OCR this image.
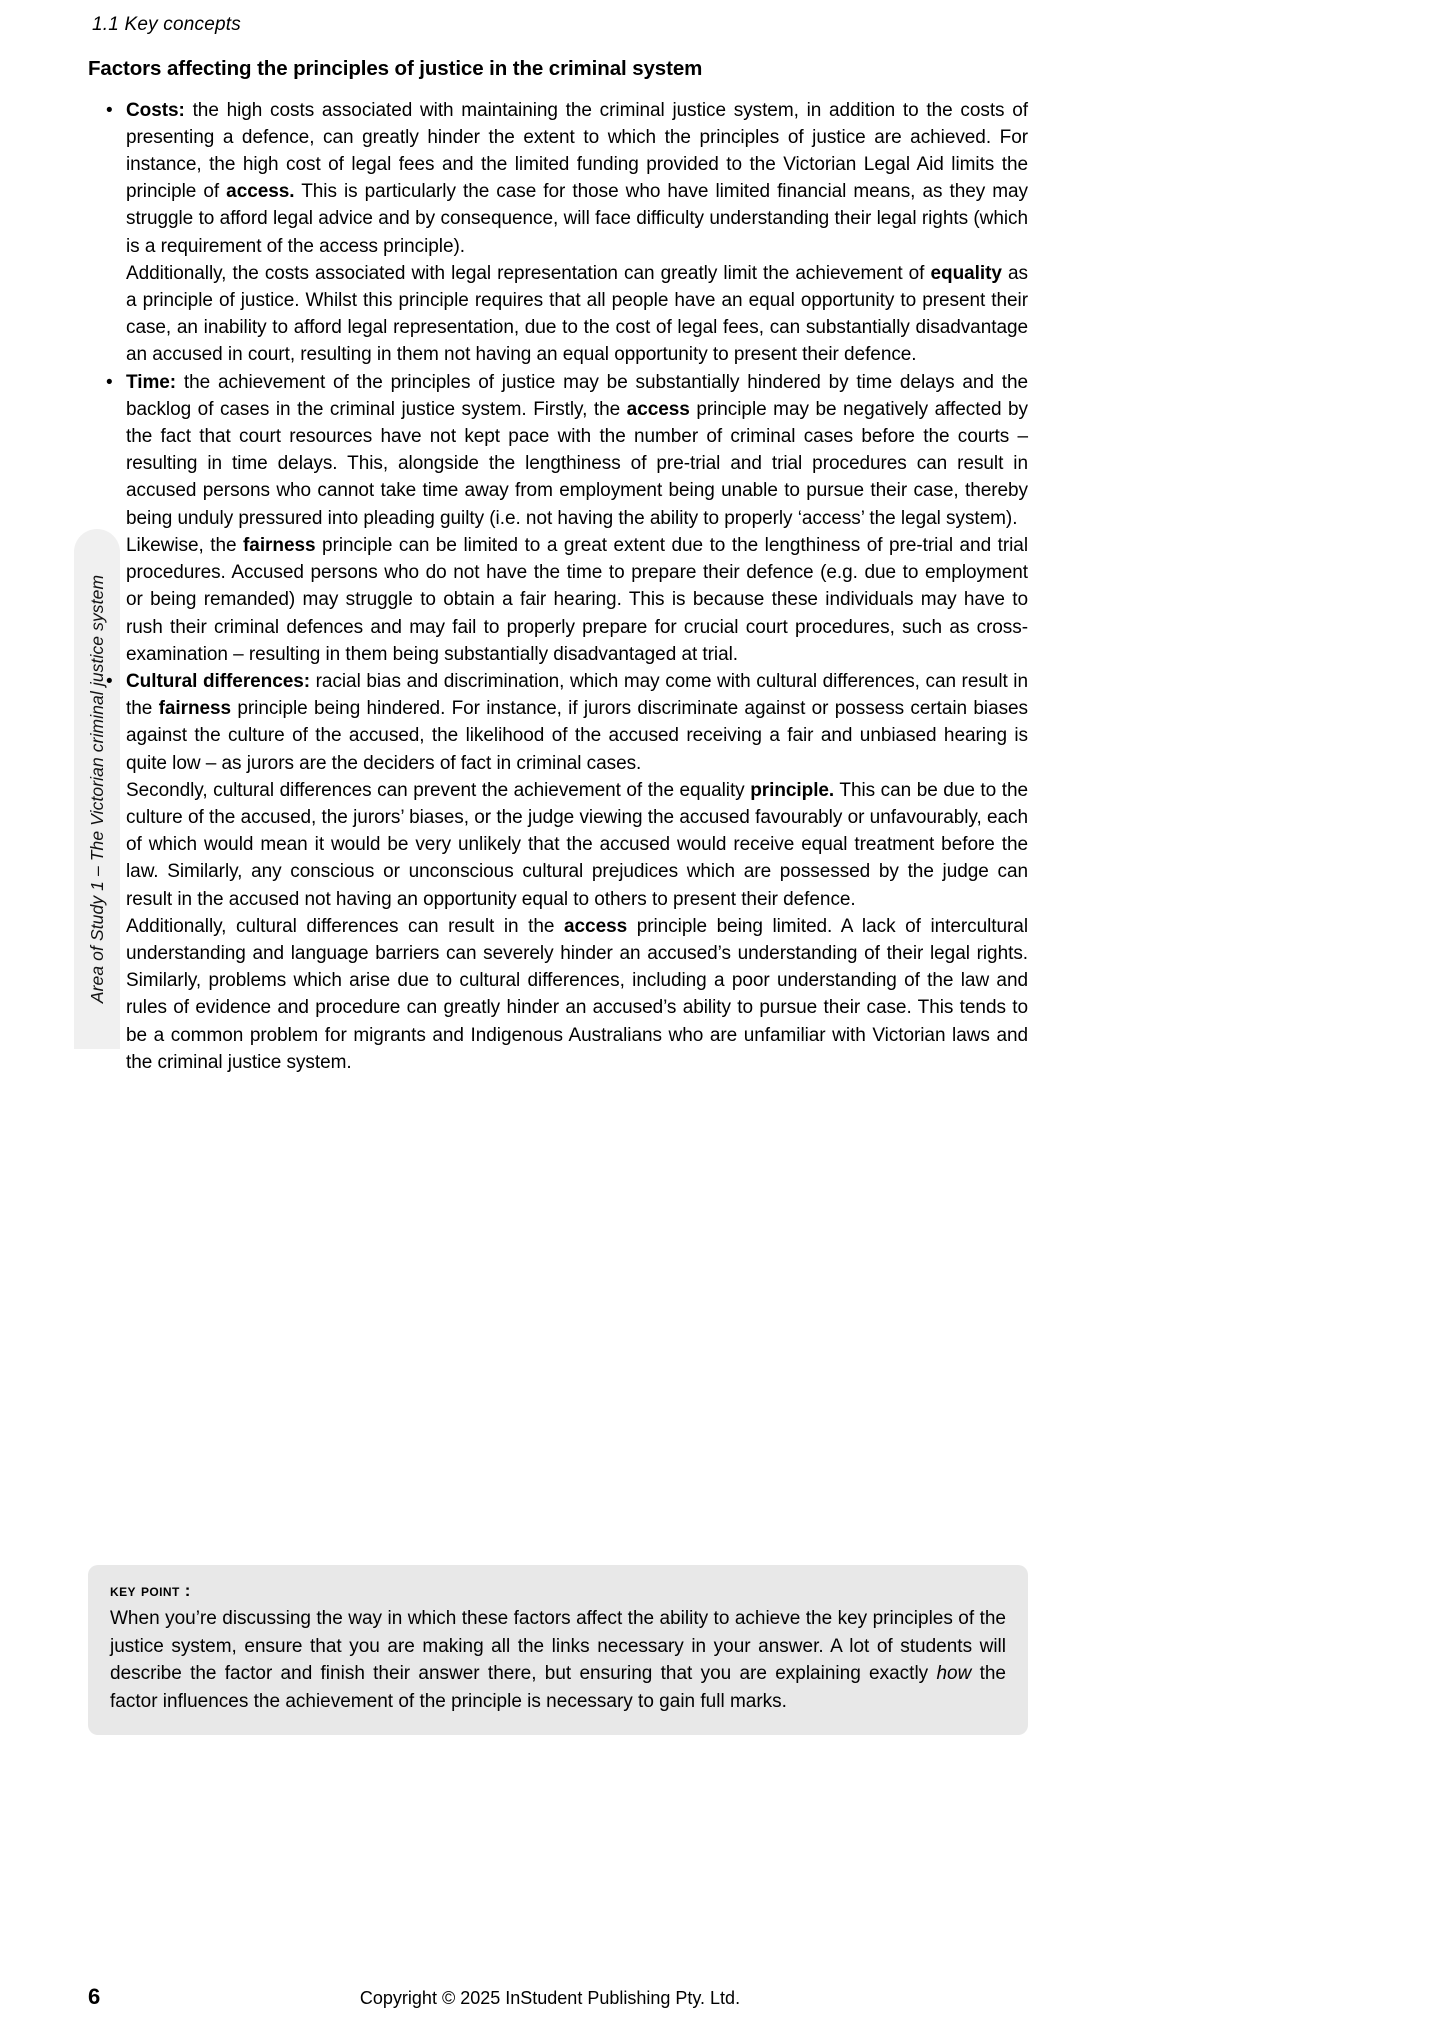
1.1 Key concepts
Area of Study 1 – The Victorian criminal justice system
Factors affecting the principles of justice in the criminal system

• Costs: the high costs associated with maintaining the criminal justice system, in addition to the costs of presenting a defence, can greatly hinder the extent to which the principles of justice are achieved. For instance, the high cost of legal fees and the limited funding provided to the Victorian Legal Aid limits the principle of access. This is particularly the case for those who have limited financial means, as they may struggle to afford legal advice and by consequence, will face difficulty understanding their legal rights (which is a requirement of the access principle).

Additionally, the costs associated with legal representation can greatly limit the achievement of equality as a principle of justice. Whilst this principle requires that all people have an equal opportunity to present their case, an inability to afford legal representation, due to the cost of legal fees, can substantially disadvantage an accused in court, resulting in them not having an equal opportunity to present their defence.

• Time: the achievement of the principles of justice may be substantially hindered by time delays and the backlog of cases in the criminal justice system. Firstly, the access principle may be negatively affected by the fact that court resources have not kept pace with the number of criminal cases before the courts – resulting in time delays. This, alongside the lengthiness of pre-trial and trial procedures can result in accused persons who cannot take time away from employment being unable to pursue their case, thereby being unduly pressured into pleading guilty (i.e. not having the ability to properly ‘access’ the legal system).

Likewise, the fairness principle can be limited to a great extent due to the lengthiness of pre-trial and trial procedures. Accused persons who do not have the time to prepare their defence (e.g. due to employment or being remanded) may struggle to obtain a fair hearing. This is because these individuals may have to rush their criminal defences and may fail to properly prepare for crucial court procedures, such as cross-examination – resulting in them being substantially disadvantaged at trial.

• Cultural differences: racial bias and discrimination, which may come with cultural differences, can result in the fairness principle being hindered. For instance, if jurors discriminate against or possess certain biases against the culture of the accused, the likelihood of the accused receiving a fair and unbiased hearing is quite low – as jurors are the deciders of fact in criminal cases.

Secondly, cultural differences can prevent the achievement of the equality principle. This can be due to the culture of the accused, the jurors’ biases, or the judge viewing the accused favourably or unfavourably, each of which would mean it would be very unlikely that the accused would receive equal treatment before the law. Similarly, any conscious or unconscious cultural prejudices which are possessed by the judge can result in the accused not having an opportunity equal to others to present their defence.

Additionally, cultural differences can result in the access principle being limited. A lack of intercultural understanding and language barriers can severely hinder an accused’s understanding of their legal rights. Similarly, problems which arise due to cultural differences, including a poor understanding of the law and rules of evidence and procedure can greatly hinder an accused’s ability to pursue their case. This tends to be a common problem for migrants and Indigenous Australians who are unfamiliar with Victorian laws and the criminal justice system.

key point :

When you’re discussing the way in which these factors affect the ability to achieve the key principles of the justice system, ensure that you are making all the links necessary in your answer. A lot of students will describe the factor and finish their answer there, but ensuring that you are explaining exactly how the factor influences the achievement of the principle is necessary to gain full marks.

6	Copyright © 2025 InStudent Publishing Pty. Ltd.
